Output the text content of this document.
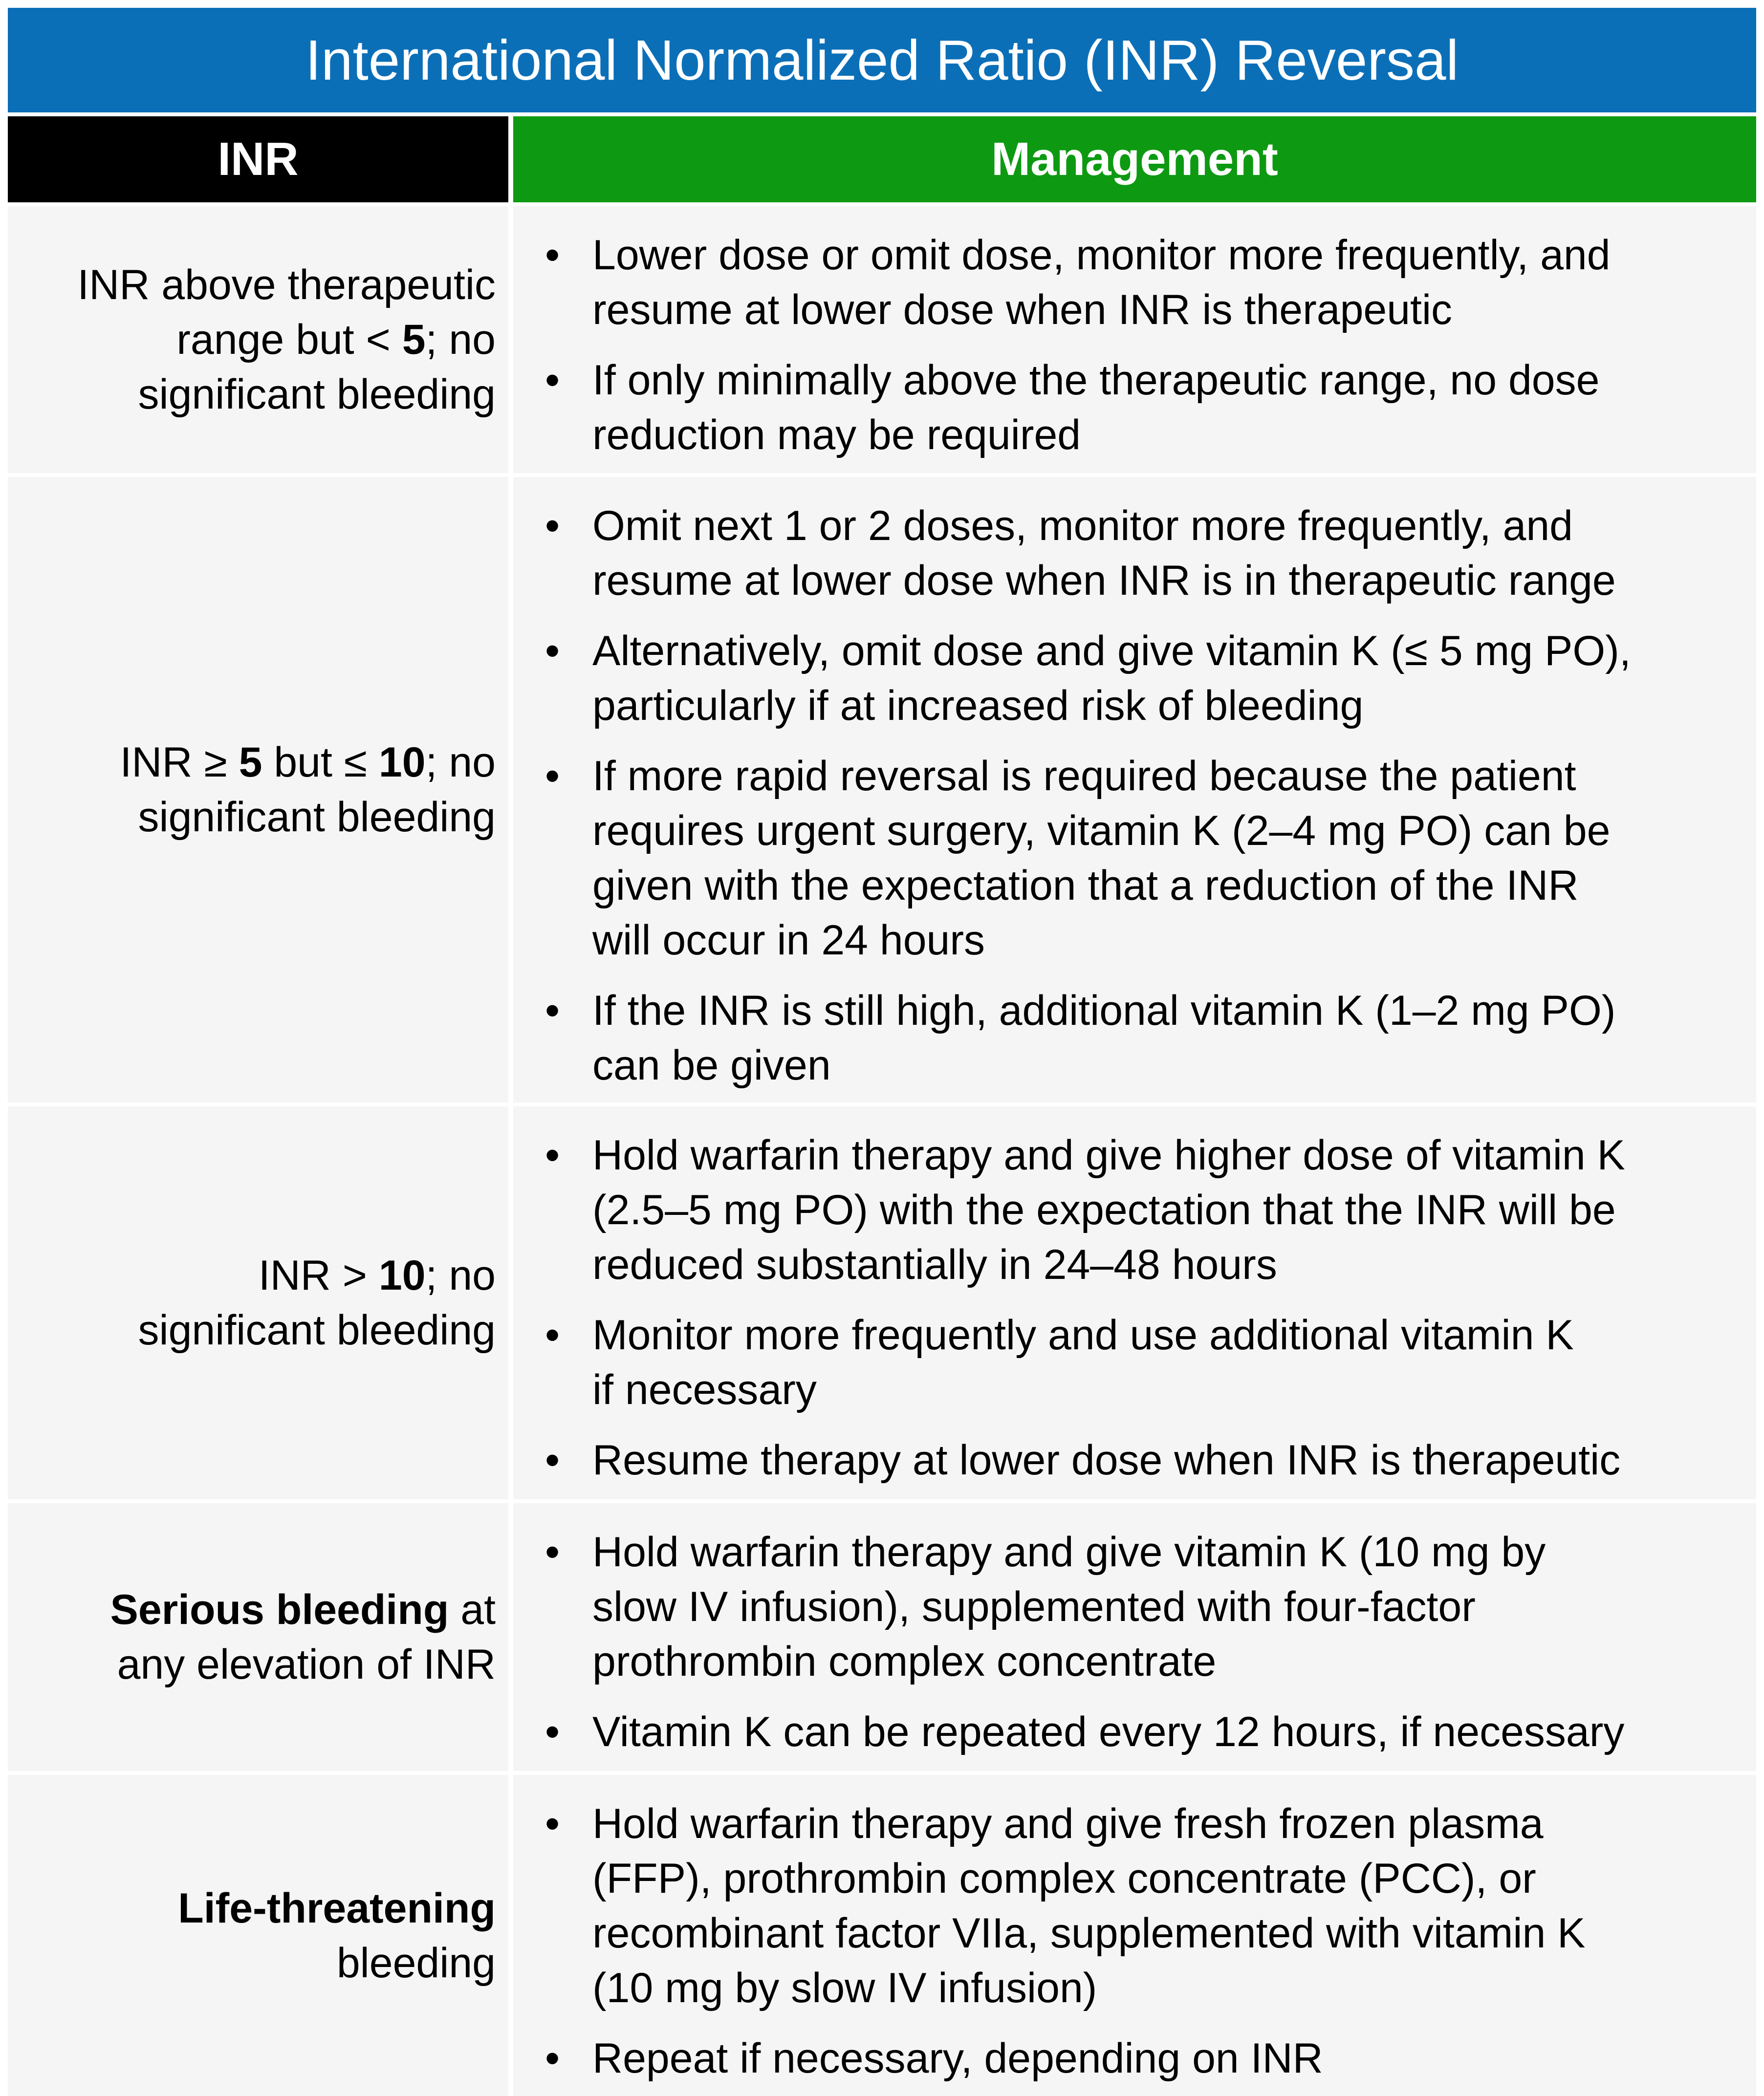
International Normalized Ratio (INR) Reversal
INR	Management
INR above therapeutic
range but < 5; no
significant bleeding
• Lower dose or omit dose, monitor more frequently, and
resume at lower dose when INR is therapeutic
• If only minimally above the therapeutic range, no dose
reduction may be required
INR ≥ 5 but ≤ 10; no
significant bleeding
• Omit next 1 or 2 doses, monitor more frequently, and
resume at lower dose when INR is in therapeutic range
• Alternatively, omit dose and give vitamin K (≤ 5 mg PO),
particularly if at increased risk of bleeding
• If more rapid reversal is required because the patient
requires urgent surgery, vitamin K (2–4 mg PO) can be
given with the expectation that a reduction of the INR
will occur in 24 hours
• If the INR is still high, additional vitamin K (1–2 mg PO)
can be given
INR > 10; no
significant bleeding
• Hold warfarin therapy and give higher dose of vitamin K
(2.5–5 mg PO) with the expectation that the INR will be
reduced substantially in 24–48 hours
• Monitor more frequently and use additional vitamin K
if necessary
• Resume therapy at lower dose when INR is therapeutic
Serious bleeding at
any elevation of INR
• Hold warfarin therapy and give vitamin K (10 mg by
slow IV infusion), supplemented with four-factor
prothrombin complex concentrate
• Vitamin K can be repeated every 12 hours, if necessary
Life-threatening
bleeding
• Hold warfarin therapy and give fresh frozen plasma
(FFP), prothrombin complex concentrate (PCC), or
recombinant factor VIIa, supplemented with vitamin K
(10 mg by slow IV infusion)
• Repeat if necessary, depending on INR
